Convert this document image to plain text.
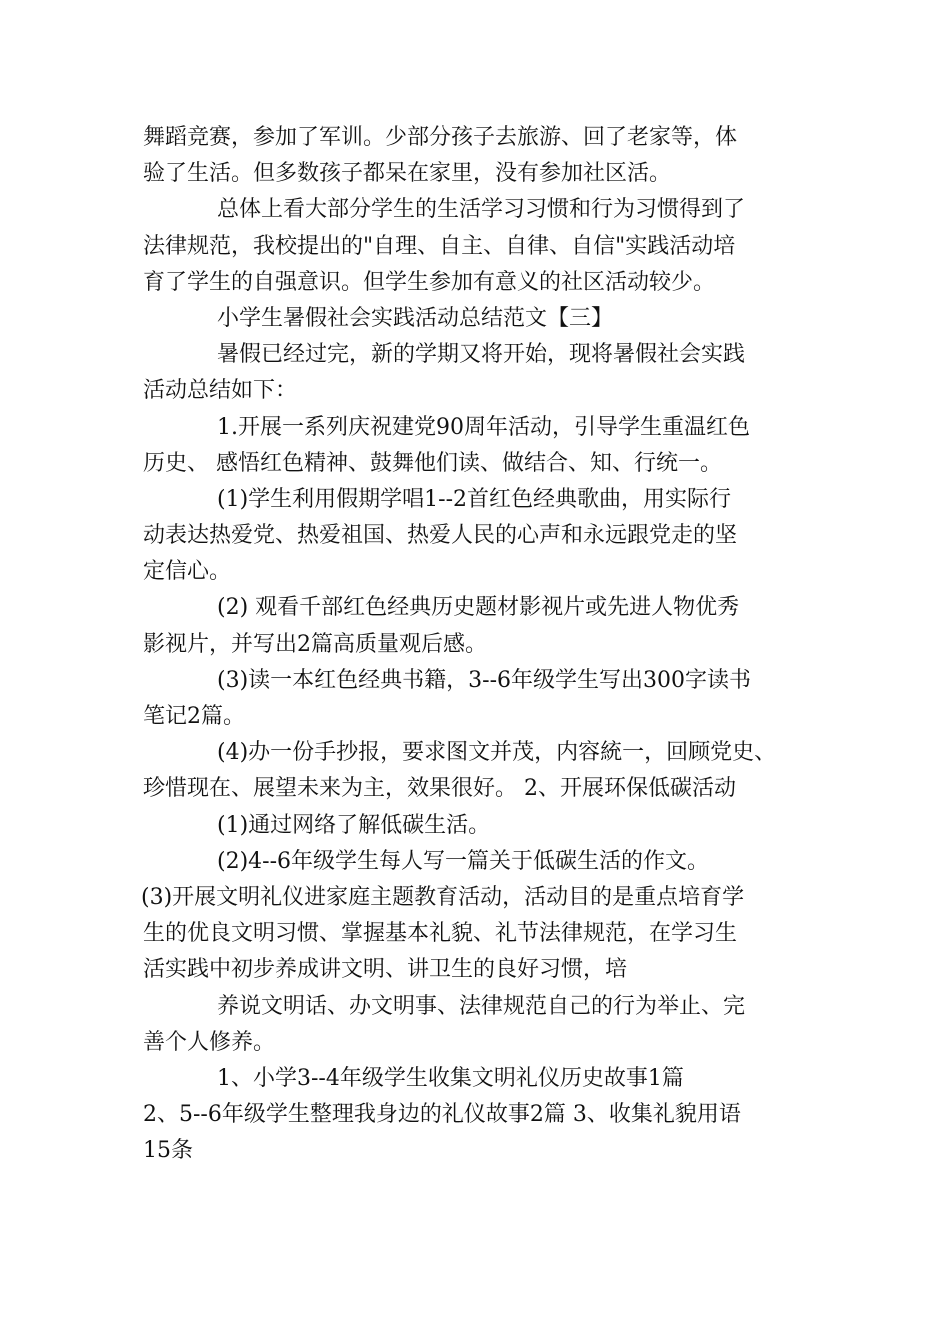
舞蹈竞赛，参加了军训。少部分孩子去旅游、回了老家等，体
验了生活。但多数孩子都呆在家里，没有参加社区活。
总体上看大部分学生的生活学习习惯和行为习惯得到了
法律规范，我校提出的"自理、自主、自律、自信"实践活动培
育了学生的自强意识。但学生参加有意义的社区活动较少。
小学生暑假社会实践活动总结范文【三】
暑假已经过完，新的学期又将开始，现将暑假社会实践
活动总结如下：
1.开展一系列庆祝建党90周年活动，引导学生重温红色
历史、 感悟红色精神、鼓舞他们读、做结合、知、行统一。
(1)学生利用假期学唱1--2首红色经典歌曲，用实际行
动表达热爱党、热爱祖国、热爱人民的心声和永远跟党走的坚
定信心。
(2) 观看千部红色经典历史题材影视片或先进人物优秀
影视片，并写出2篇高质量观后感。
(3)读一本红色经典书籍，3--6年级学生写出300字读书
笔记2篇。
(4)办一份手抄报，要求图文并茂，内容統一，回顾党史、
珍惜现在、展望未来为主，效果很好。 2、开展环保低碳活动
(1)通过网络了解低碳生活。
(2)4--6年级学生每人写一篇关于低碳生活的作文。
(3)开展文明礼仪进家庭主题教育活动，活动目的是重点培育学
生的优良文明习惯、掌握基本礼貌、礼节法律规范，在学习生
活实践中初步养成讲文明、讲卫生的良好习惯，培
养说文明话、办文明事、法律规范自己的行为举止、完
善个人修养。
1、小学3--4年级学生收集文明礼仪历史故事1篇
2、5--6年级学生整理我身边的礼仪故事2篇 3、收集礼貌用语
15条
